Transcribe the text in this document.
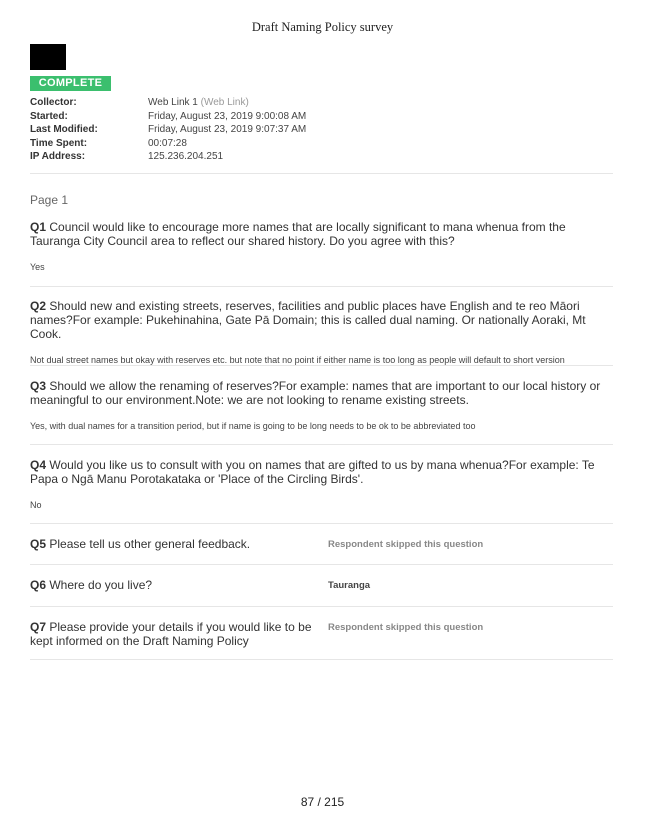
Draft Naming Policy survey
COMPLETE
Collector:	Web Link 1 (Web Link)
Started:	Friday, August 23, 2019 9:00:08 AM
Last Modified:	Friday, August 23, 2019 9:07:37 AM
Time Spent:	00:07:28
IP Address:	125.236.204.251
Page 1
Q1 Council would like to encourage more names that are locally significant to mana whenua from the Tauranga City Council area to reflect our shared history. Do you agree with this?
Yes
Q2 Should new and existing streets, reserves, facilities and public places have English and te reo Māori names?For example: Pukehinahina, Gate Pā Domain; this is called dual naming. Or nationally Aoraki, Mt Cook.
Not dual street names but okay with reserves etc. but note that no point if either name is too long as people will default to short version
Q3 Should we allow the renaming of reserves?For example: names that are important to our local history or meaningful to our environment.Note: we are not looking to rename existing streets.
Yes, with dual names for a transition period, but if name is going to be long needs to be ok to be abbreviated too
Q4 Would you like us to consult with you on names that are gifted to us by mana whenua?For example: Te Papa o Ngā Manu Porotakataka or 'Place of the Circling Birds'.
No
Q5 Please tell us other general feedback.	Respondent skipped this question
Q6 Where do you live?	Tauranga
Q7 Please provide your details if you would like to be kept informed on the Draft Naming Policy
Respondent skipped this question
87 / 215
